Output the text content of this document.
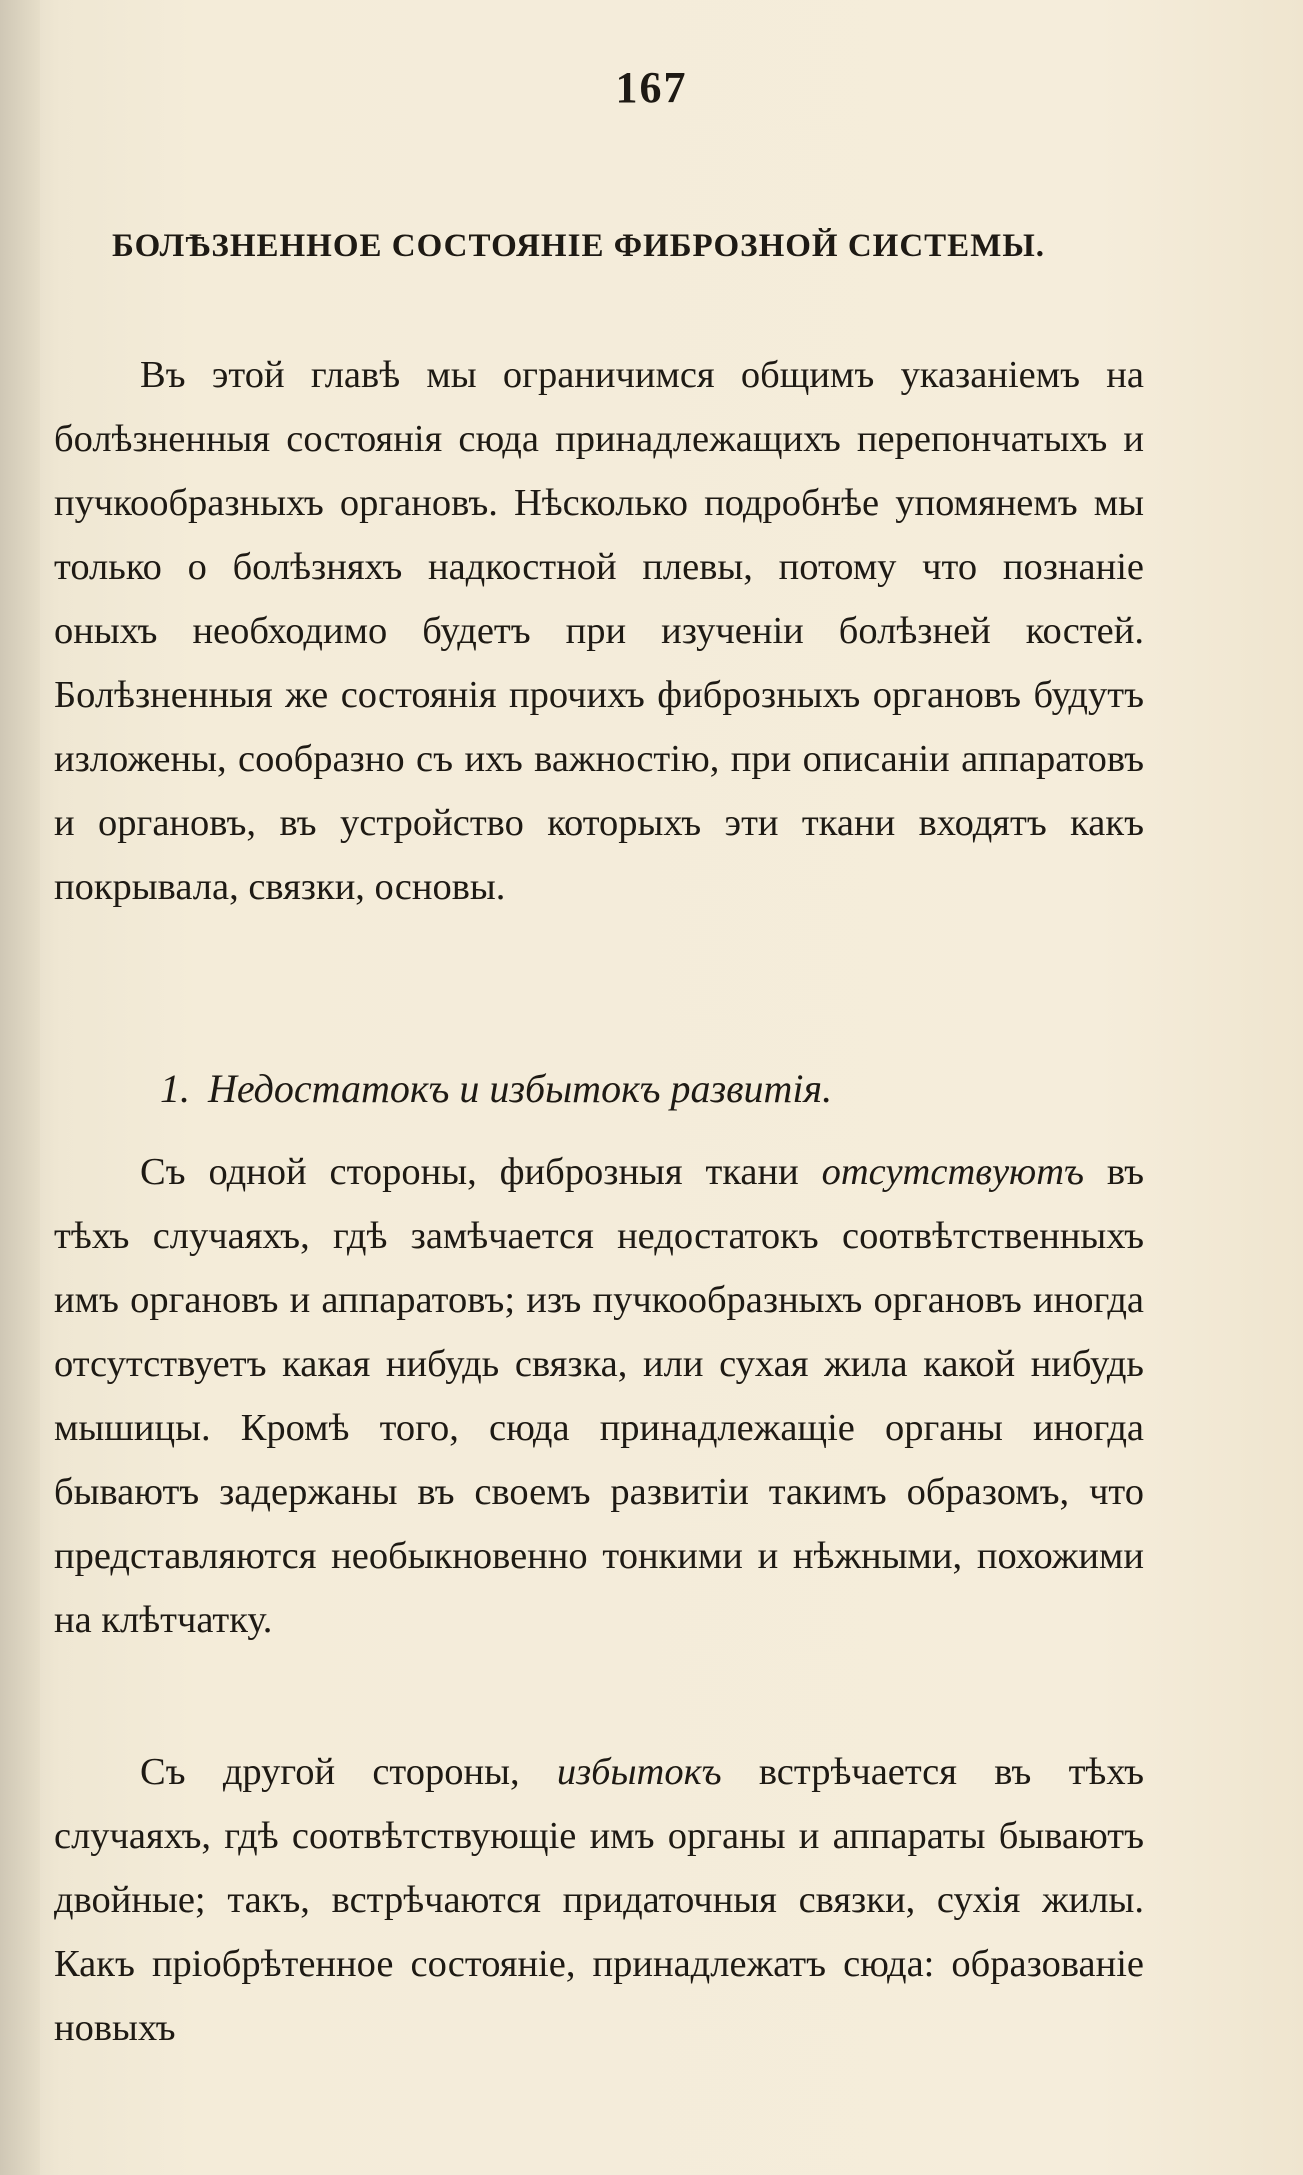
167
БОЛѢЗНЕННОЕ СОСТОЯНІЕ ФИБРОЗНОЙ СИСТЕМЫ.
Въ этой главѣ мы ограничимся общимъ указаніемъ на болѣзненныя состоянія сюда принадлежащихъ перепончатыхъ и пучкообразныхъ органовъ. Нѣсколько подробнѣе упомянемъ мы только о болѣзняхъ надкостной плевы, потому что познаніе оныхъ необходимо будетъ при изученіи болѣзней костей. Болѣзненныя же состоянія прочихъ фиброзныхъ органовъ будутъ изложены, сообразно съ ихъ важностію, при описаніи аппаратовъ и органовъ, въ устройство которыхъ эти ткани входятъ какъ покрывала, связки, основы.
1. Недостатокъ и избытокъ развитія.
Съ одной стороны, фиброзныя ткани отсутствуютъ въ тѣхъ случаяхъ, гдѣ замѣчается недостатокъ соотвѣтственныхъ имъ органовъ и аппаратовъ; изъ пучкообразныхъ органовъ иногда отсутствуетъ какая нибудь связка, или сухая жила какой нибудь мышицы. Кромѣ того, сюда принадлежащіе органы иногда бываютъ задержаны въ своемъ развитіи такимъ образомъ, что представляются необыкновенно тонкими и нѣжными, похожими на клѣтчатку.
Съ другой стороны, избытокъ встрѣчается въ тѣхъ случаяхъ, гдѣ соотвѣтствующіе имъ органы и аппараты бываютъ двойные; такъ, встрѣчаются придаточныя связки, сухія жилы. Какъ пріобрѣтенное состояніе, принадлежатъ сюда: образованіе новыхъ
